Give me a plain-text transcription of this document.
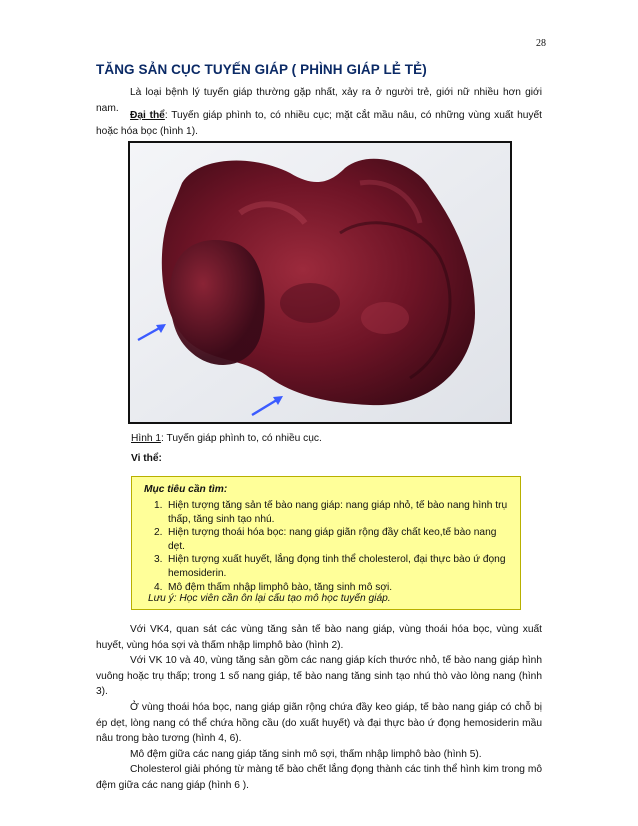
28
TĂNG SẢN CỤC TUYẾN GIÁP ( PHÌNH GIÁP LẺ TẺ)
Là loại bệnh lý tuyến giáp thường gặp nhất, xảy ra ở người trẻ, giới nữ nhiều hơn giới nam.
Đại thể: Tuyến giáp phình to, có nhiều cục; mặt cắt mầu nâu, có những vùng xuất huyết hoặc hóa bọc (hình 1).
Hình 1: Tuyến giáp phình to, có nhiều cục.
Vi thể:
Mục tiêu cần tìm:
1. Hiện tượng tăng sản tế bào nang giáp: nang giáp nhỏ, tế bào nang hình trụ thấp, tăng sinh tạo nhú.
2. Hiện tượng thoái hóa bọc: nang giáp giãn rộng đầy chất keo,tế bào nang dẹt.
3. Hiện tượng xuất huyết, lắng đọng tinh thể cholesterol, đại thực bào ứ đọng hemosiderin.
4. Mô đệm thấm nhập limphô bào, tăng sinh mô sợi.
Lưu ý: Học viên cần ôn lại cấu tạo mô học tuyến giáp.
Với VK4, quan sát các vùng tăng sản tế bào nang giáp, vùng thoái hóa bọc, vùng xuất huyết, vùng hóa sợi và thấm nhập limphô bào (hình 2).
Với VK 10 và 40, vùng tăng sản gồm các nang giáp kích thước nhỏ, tế bào nang giáp hình vuông hoặc trụ thấp; trong 1 số nang giáp, tế bào nang tăng sinh tạo nhú thò vào lòng nang (hình 3).
Ở vùng thoái hóa bọc, nang giáp giãn rộng chứa đầy keo giáp, tế bào nang giáp có chỗ bị ép dẹt, lòng nang có thể chứa hồng cầu (do xuất huyết) và đại thực bào ứ đọng hemosiderin mầu nâu trong bào tương (hình 4, 6).
Mô đệm giữa các nang giáp tăng sinh mô sợi, thấm nhập limphô bào (hình 5).
Cholesterol giải phóng từ màng tế bào chết lắng đọng thành các tinh thể hình kim trong mô đệm giữa các nang giáp (hình 6 ).
